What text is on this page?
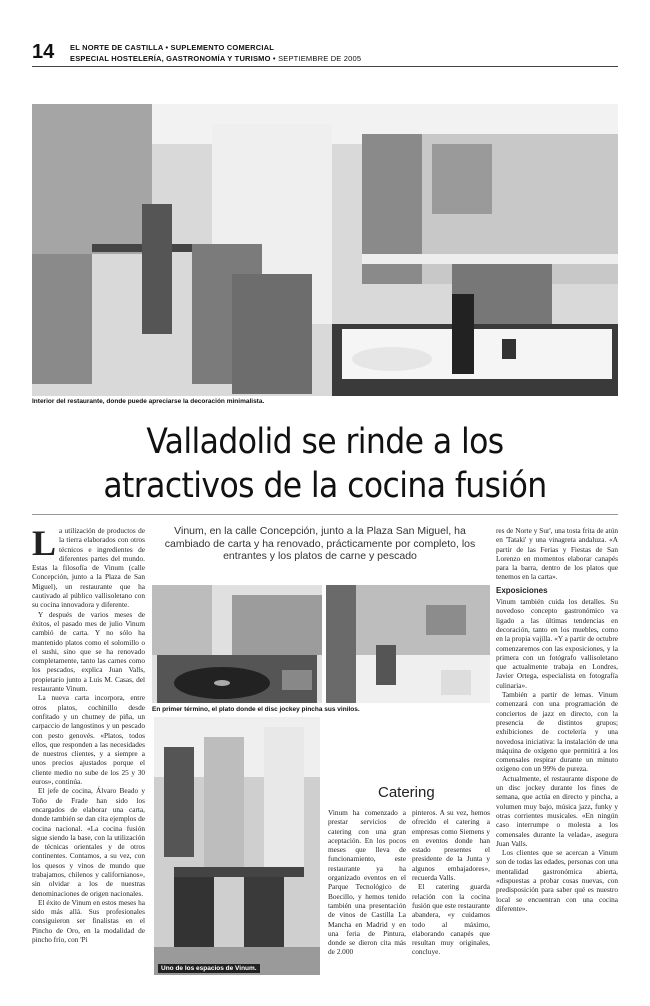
14 EL NORTE DE CASTILLA • SUPLEMENTO COMERCIAL
ESPECIAL HOSTELERÍA, GASTRONOMÍA Y TURISMO • SEPTIEMBRE DE 2005
Interior del restaurante, donde puede apreciarse la decoración minimalista.
Valladolid se rinde a los
atractivos de la cocina fusión
Vinum, en la calle Concepción, junto a la Plaza San Miguel, ha cambiado de carta y ha renovado, prácticamente por completo, los entrantes y los platos de carne y pescado
En primer término, el plato donde el disc jockey pincha sus vinilos.
Uno de los espacios de Vinum.
L a utilización de productos de la tierra elaborados con otros técnicos e ingredientes de diferentes partes del mundo. Estas la filosofía de Vinum (calle Concepción, junto a la Plaza de San Miguel), un restaurante que ha cautivado al público vallisoletano con su cocina innovadora y diferente.

Y después de varios meses de éxitos, el pasado mes de julio Vinum cambió de carta. Y no sólo ha mantenido platos como el solomillo o el sushi, sino que se ha renovado completamente, tanto las carnes como los pescados, explica Juan Valls, propietario junto a Luis M. Casas, del restaurante Vinum.

La nueva carta incorpora, entre otros platos, cochinillo desde confitado y un chutney de piña, un carpaccio de langostinos y un pescado con pesto genovés. «Platos, todos ellos, que responden a las necesidades de nuestros clientes, y a siempre a unos precios ajustados porque el cliente medio no sube de los 25 y 30 euros», continúa.

El jefe de cocina, Álvaro Beado y Toño de Frade han sido los encargados de elaborar una carta, donde también se dan cita ejemplos de cocina nacional. «La cocina fusión sigue siendo la base, con la utilización de técnicas orientales y de otros continentes. Contamos, a su vez, con los quesos y vinos de mundo que trabajamos, chilenos y californianos», sin olvidar a los de nuestras denominaciones de origen nacionales.

El éxito de Vinum en estos meses ha sido más allá. Sus profesionales consiguieron ser finalistas en el Pincho de Oro, en la modalidad de pincho frío, con 'Pi

Catering

Vinum ha comenzado a prestar servicios de catering con una gran aceptación. En los pocos meses que lleva de funcionamiento, este restaurante ya ha organizado eventos en el Parque Tecnológico de Boecillo, y hemos tenido también una presentación de vinos de Castilla La Mancha en Madrid y en una feria de Pintura, donde se dieron cita más de 2.000

pinteros. A su vez, hemos ofrecido el catering a empresas como Siemens y en eventos donde han estado presentes el presidente de la Junta y algunos embajadores», recuerda Valls.

El catering guarda relación con la cocina fusión que este restaurante abandera, «y cuidamos todo al máximo, elaborando canapés que resultan muy originales, concluye.

res de Norte y Sur', una tosta frita de atún en 'Tataki' y una vinagreta andaluza. «A partir de las Ferias y Fiestas de San Lorenzo en momentos elaborar canapés para la barra, dentro de los platos que tenemos en la carta».

Exposiciones

Vinum también cuida los detalles. Su novedoso concepto gastronómico va ligado a las últimas tendencias en decoración, tanto en los muebles, como en la propia vajilla. «Y a partir de octubre comenzaremos con las exposiciones, y la primera con un fotógrafo vallisoletano que actualmente trabaja en Londres, Javier Ortega, especialista en fotografía culinaria».

También a partir de lemas. Vinum comenzará con una programación de conciertos de jazz en directo, con la presencia de distintos grupos; exhibiciones de coctelería y una novedosa iniciativa: la instalación de una máquina de oxígeno que permitirá a los comensales respirar durante un minuto oxígeno con un 99% de pureza.

Actualmente, el restaurante dispone de un disc jockey durante los fines de semana, que actúa en directo y pincha, a volumen muy bajo, música jazz, funky y otras corrientes musicales. «En ningún caso interrumpe o molesta a los comensales durante la velada», asegura Juan Valls.

Los clientes que se acercan a Vinum son de todas las edades, personas con una mentalidad gastronómica abierta, «dispuestas a probar cosas nuevas, con predisposición para saber qué es nuestro local se encuentran con una cocina diferente».
